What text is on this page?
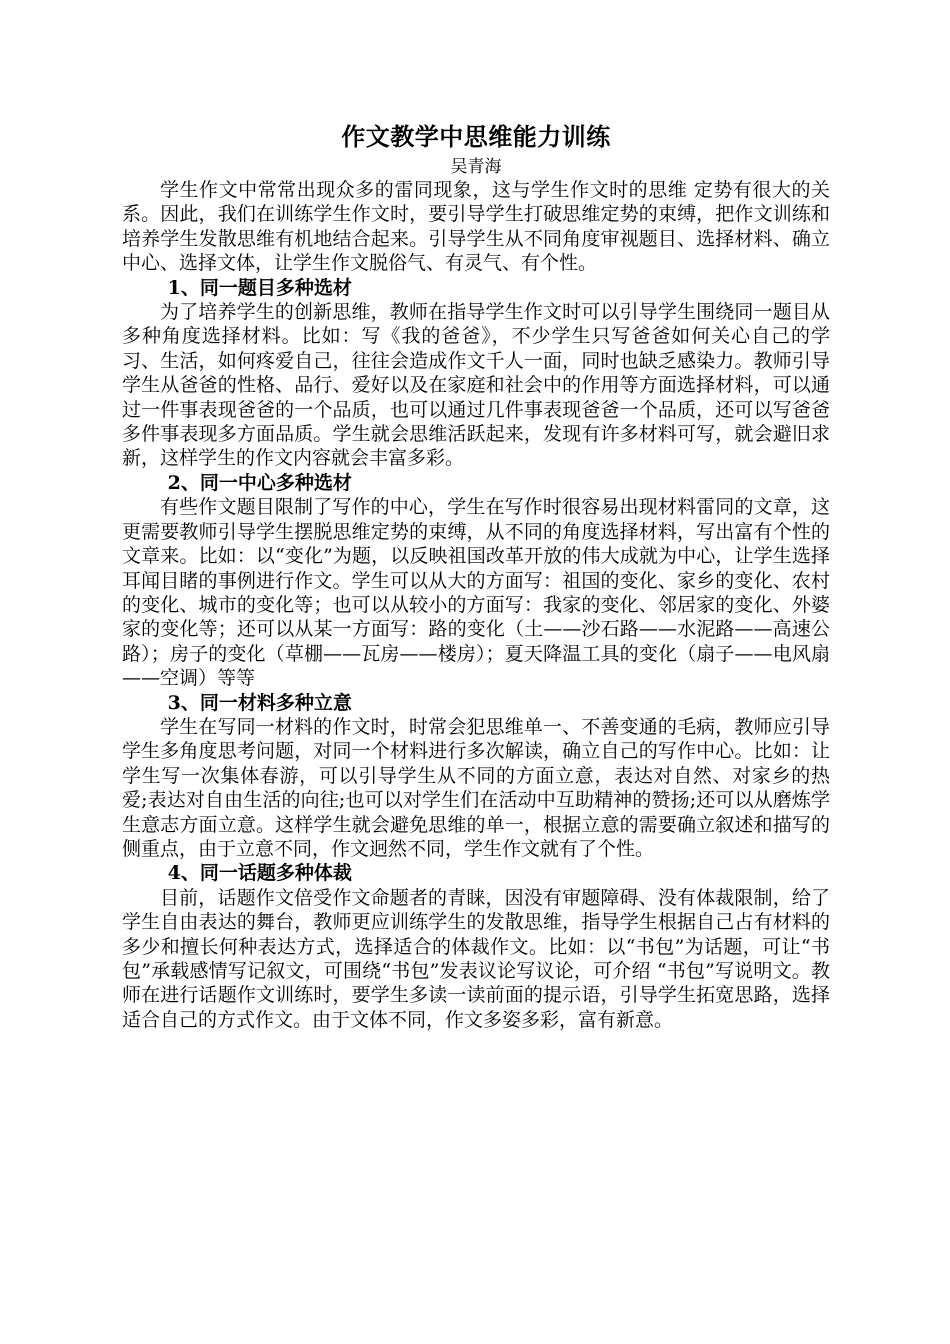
作文教学中思维能力训练
吴青海

学生作文中常常出现众多的雷同现象，这与学生作文时的思维 定势有很大的关系。因此，我们在训练学生作文时，要引导学生打破思维定势的束缚，把作文训练和培养学生发散思维有机地结合起来。引导学生从不同角度审视题目、选择材料、确立中心、选择文体，让学生作文脱俗气、有灵气、有个性。

1、同一题目多种选材

为了培养学生的创新思维，教师在指导学生作文时可以引导学生围绕同一题目从多种角度选择材料。比如：写《我的爸爸》，不少学生只写爸爸如何关心自己的学习、生活，如何疼爱自己，往往会造成作文千人一面，同时也缺乏感染力。教师引导学生从爸爸的性格、品行、爱好以及在家庭和社会中的作用等方面选择材料，可以通过一件事表现爸爸的一个品质，也可以通过几件事表现爸爸一个品质，还可以写爸爸多件事表现多方面品质。学生就会思维活跃起来，发现有许多材料可写，就会避旧求新，这样学生的作文内容就会丰富多彩。

2、同一中心多种选材

有些作文题目限制了写作的中心，学生在写作时很容易出现材料雷同的文章，这更需要教师引导学生摆脱思维定势的束缚，从不同的角度选择材料，写出富有个性的文章来。比如：以“变化”为题，以反映祖国改革开放的伟大成就为中心，让学生选择耳闻目睹的事例进行作文。学生可以从大的方面写：祖国的变化、家乡的变化、农村的变化、城市的变化等；也可以从较小的方面写：我家的变化、邻居家的变化、外婆家的变化等；还可以从某一方面写：路的变化（土——沙石路——水泥路——高速公路）；房子的变化（草棚——瓦房——楼房）；夏天降温工具的变化（扇子——电风扇——空调）等等

3、同一材料多种立意

学生在写同一材料的作文时，时常会犯思维单一、不善变通的毛病，教师应引导学生多角度思考问题，对同一个材料进行多次解读，确立自己的写作中心。比如：让学生写一次集体春游，可以引导学生从不同的方面立意，表达对自然、对家乡的热爱;表达对自由生活的向往;也可以对学生们在活动中互助精神的赞扬;还可以从磨炼学生意志方面立意。这样学生就会避免思维的单一，根据立意的需要确立叙述和描写的侧重点，由于立意不同，作文迥然不同，学生作文就有了个性。

4、同一话题多种体裁

目前，话题作文倍受作文命题者的青睐，因没有审题障碍、没有体裁限制，给了学生自由表达的舞台，教师更应训练学生的发散思维，指导学生根据自己占有材料的多少和擅长何种表达方式，选择适合的体裁作文。比如：以“书包”为话题，可让“书包”承载感情写记叙文，可围绕“书包”发表议论写议论，可介绍 “书包”写说明文。教师在进行话题作文训练时，要学生多读一读前面的提示语，引导学生拓宽思路，选择适合自己的方式作文。由于文体不同，作文多姿多彩，富有新意。
